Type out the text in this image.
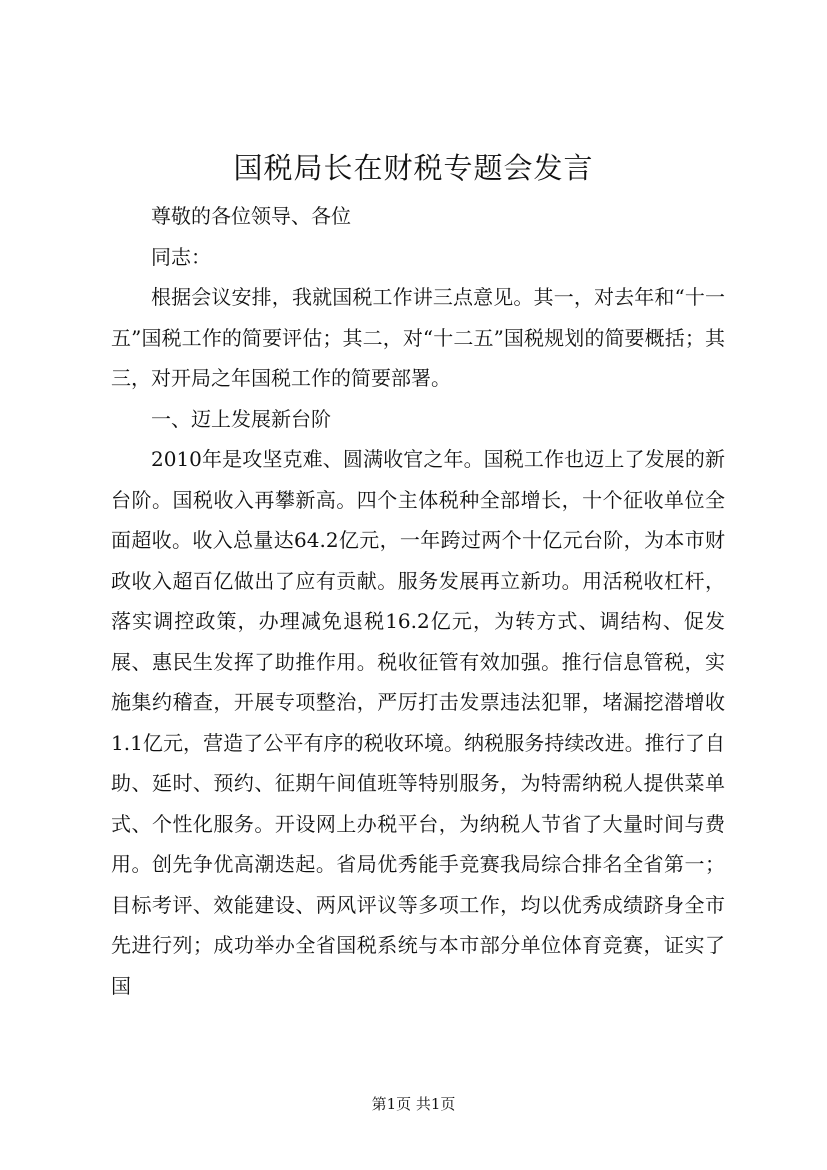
国税局长在财税专题会发言

尊敬的各位领导、各位

同志：

根据会议安排，我就国税工作讲三点意见。其一，对去年和“十一五”国税工作的简要评估；其二，对“十二五”国税规划的简要概括；其三，对开局之年国税工作的简要部署。

一、迈上发展新台阶

2010年是攻坚克难、圆满收官之年。国税工作也迈上了发展的新台阶。国税收入再攀新高。四个主体税种全部增长，十个征收单位全面超收。收入总量达64.2亿元，一年跨过两个十亿元台阶，为本市财政收入超百亿做出了应有贡献。服务发展再立新功。用活税收杠杆，落实调控政策，办理减免退税16.2亿元，为转方式、调结构、促发展、惠民生发挥了助推作用。税收征管有效加强。推行信息管税，实施集约稽查，开展专项整治，严厉打击发票违法犯罪，堵漏挖潜增收1.1亿元，营造了公平有序的税收环境。纳税服务持续改进。推行了自助、延时、预约、征期午间值班等特别服务，为特需纳税人提供菜单式、个性化服务。开设网上办税平台，为纳税人节省了大量时间与费用。创先争优高潮迭起。省局优秀能手竞赛我局综合排名全省第一；目标考评、效能建设、两风评议等多项工作，均以优秀成绩跻身全市先进行列；成功举办全省国税系统与本市部分单位体育竞赛，证实了国

第1页 共1页
